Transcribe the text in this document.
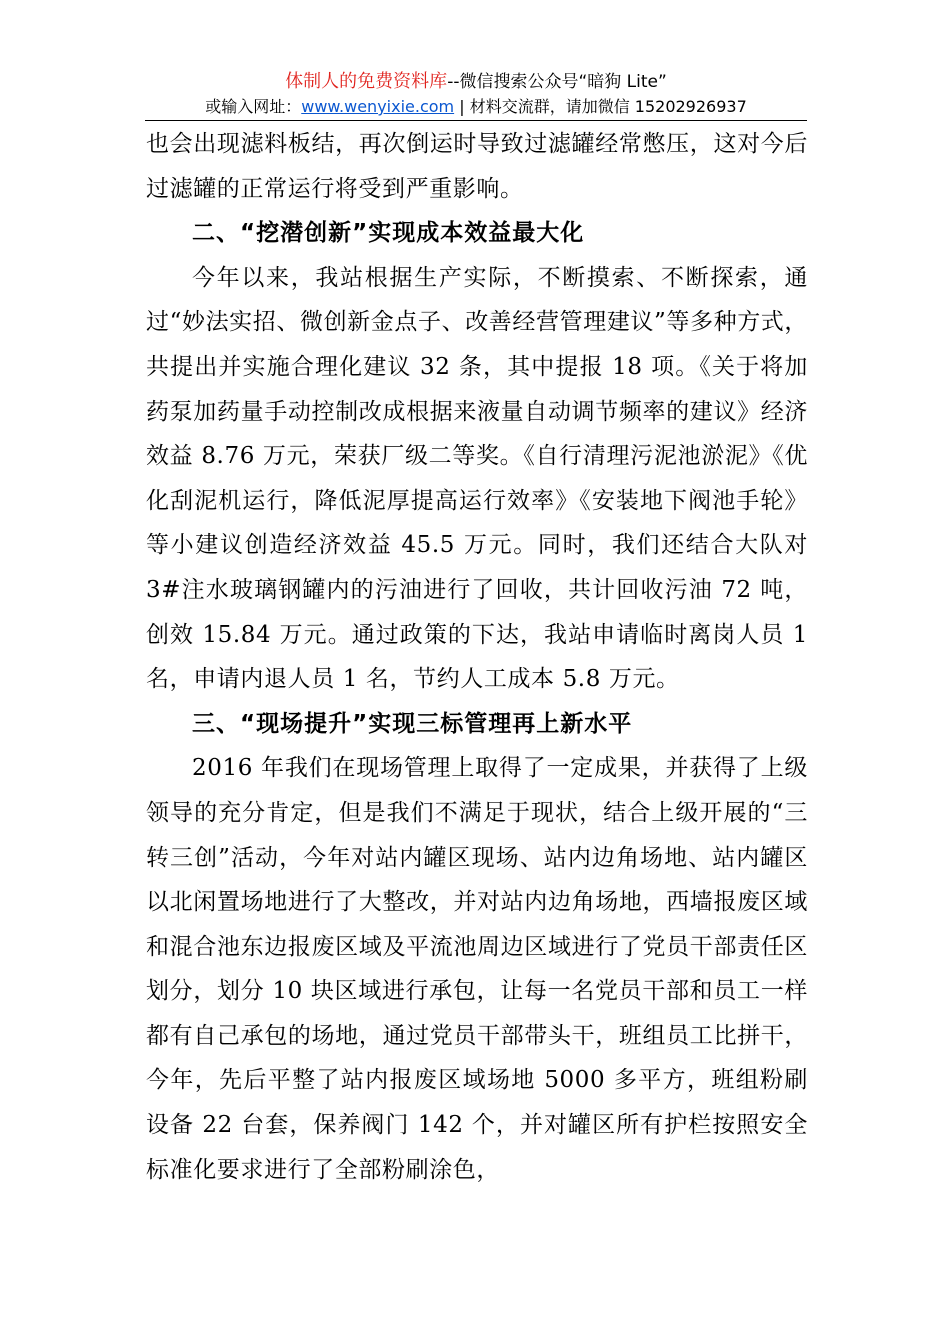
体制人的免费资料库--微信搜索公众号“暗狗 Lite”
或输入网址：www.wenyixie.com | 材料交流群，请加微信 15202926937

也会出现滤料板结，再次倒运时导致过滤罐经常憋压，这对今后过滤罐的正常运行将受到严重影响。

二、“挖潜创新”实现成本效益最大化

今年以来，我站根据生产实际，不断摸索、不断探索，通过“妙法实招、微创新金点子、改善经营管理建议”等多种方式，共提出并实施合理化建议 32 条，其中提报 18 项。《关于将加药泵加药量手动控制改成根据来液量自动调节频率的建议》经济效益 8.76 万元，荣获厂级二等奖。《自行清理污泥池淤泥》《优化刮泥机运行，降低泥厚提高运行效率》《安装地下阀池手轮》等小建议创造经济效益 45.5 万元。同时，我们还结合大队对 3#注水玻璃钢罐内的污油进行了回收，共计回收污油 72 吨，创效 15.84 万元。通过政策的下达，我站申请临时离岗人员 1 名，申请内退人员 1 名，节约人工成本 5.8 万元。

三、“现场提升”实现三标管理再上新水平

2016 年我们在现场管理上取得了一定成果，并获得了上级领导的充分肯定，但是我们不满足于现状，结合上级开展的“三转三创”活动，今年对站内罐区现场、站内边角场地、站内罐区以北闲置场地进行了大整改，并对站内边角场地，西墙报废区域和混合池东边报废区域及平流池周边区域进行了党员干部责任区划分，划分 10 块区域进行承包，让每一名党员干部和员工一样都有自己承包的场地，通过党员干部带头干，班组员工比拼干，今年，先后平整了站内报废区域场地 5000 多平方，班组粉刷设备 22 台套，保养阀门 142 个，并对罐区所有护栏按照安全标准化要求进行了全部粉刷涂色，
